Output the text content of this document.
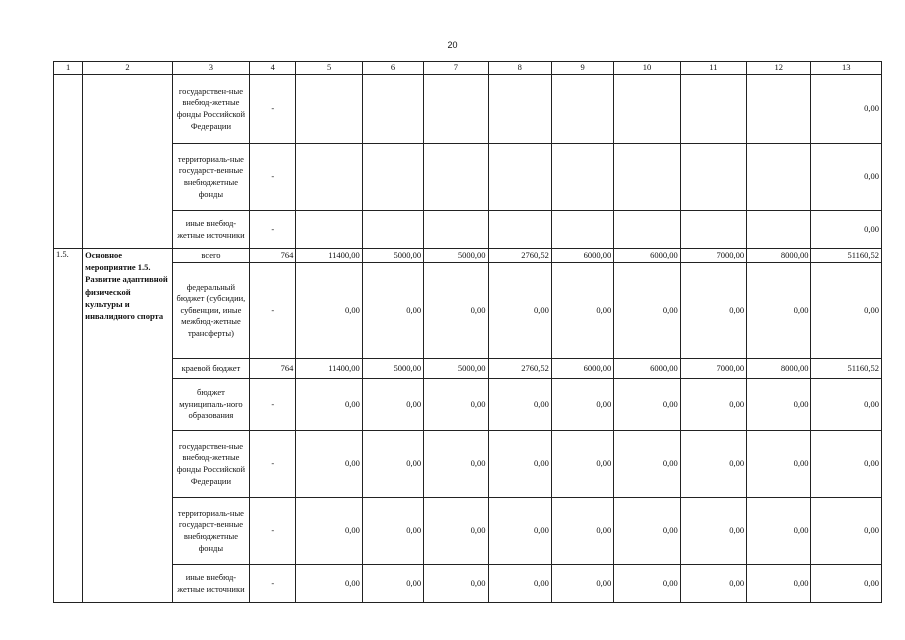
20
1	2	3	4	5	6	7	8	9	10	11	12	13
		государствен-ные внебюд-жетные фонды Российской Федерации	-									0,00
		территориаль-ные государст-венные внебюджетные фонды	-									0,00
		иные внебюд-жетные источники	-									0,00
1.5.	Основное мероприятие 1.5. Развитие адаптивной физической культуры и инвалидного спорта	всего	764	11400,00	5000,00	5000,00	2760,52	6000,00	6000,00	7000,00	8000,00	51160,52
		федеральный бюджет (субсидии, субвенции, иные межбюд-жетные трансферты)	-	0,00	0,00	0,00	0,00	0,00	0,00	0,00	0,00	0,00
		краевой бюджет	764	11400,00	5000,00	5000,00	2760,52	6000,00	6000,00	7000,00	8000,00	51160,52
		бюджет муниципаль-ного образования	-	0,00	0,00	0,00	0,00	0,00	0,00	0,00	0,00	0,00
		государствен-ные внебюд-жетные фонды Российской Федерации	-	0,00	0,00	0,00	0,00	0,00	0,00	0,00	0,00	0,00
		территориаль-ные государст-венные внебюджетные фонды	-	0,00	0,00	0,00	0,00	0,00	0,00	0,00	0,00	0,00
		иные внебюд-жетные источники	-	0,00	0,00	0,00	0,00	0,00	0,00	0,00	0,00	0,00
